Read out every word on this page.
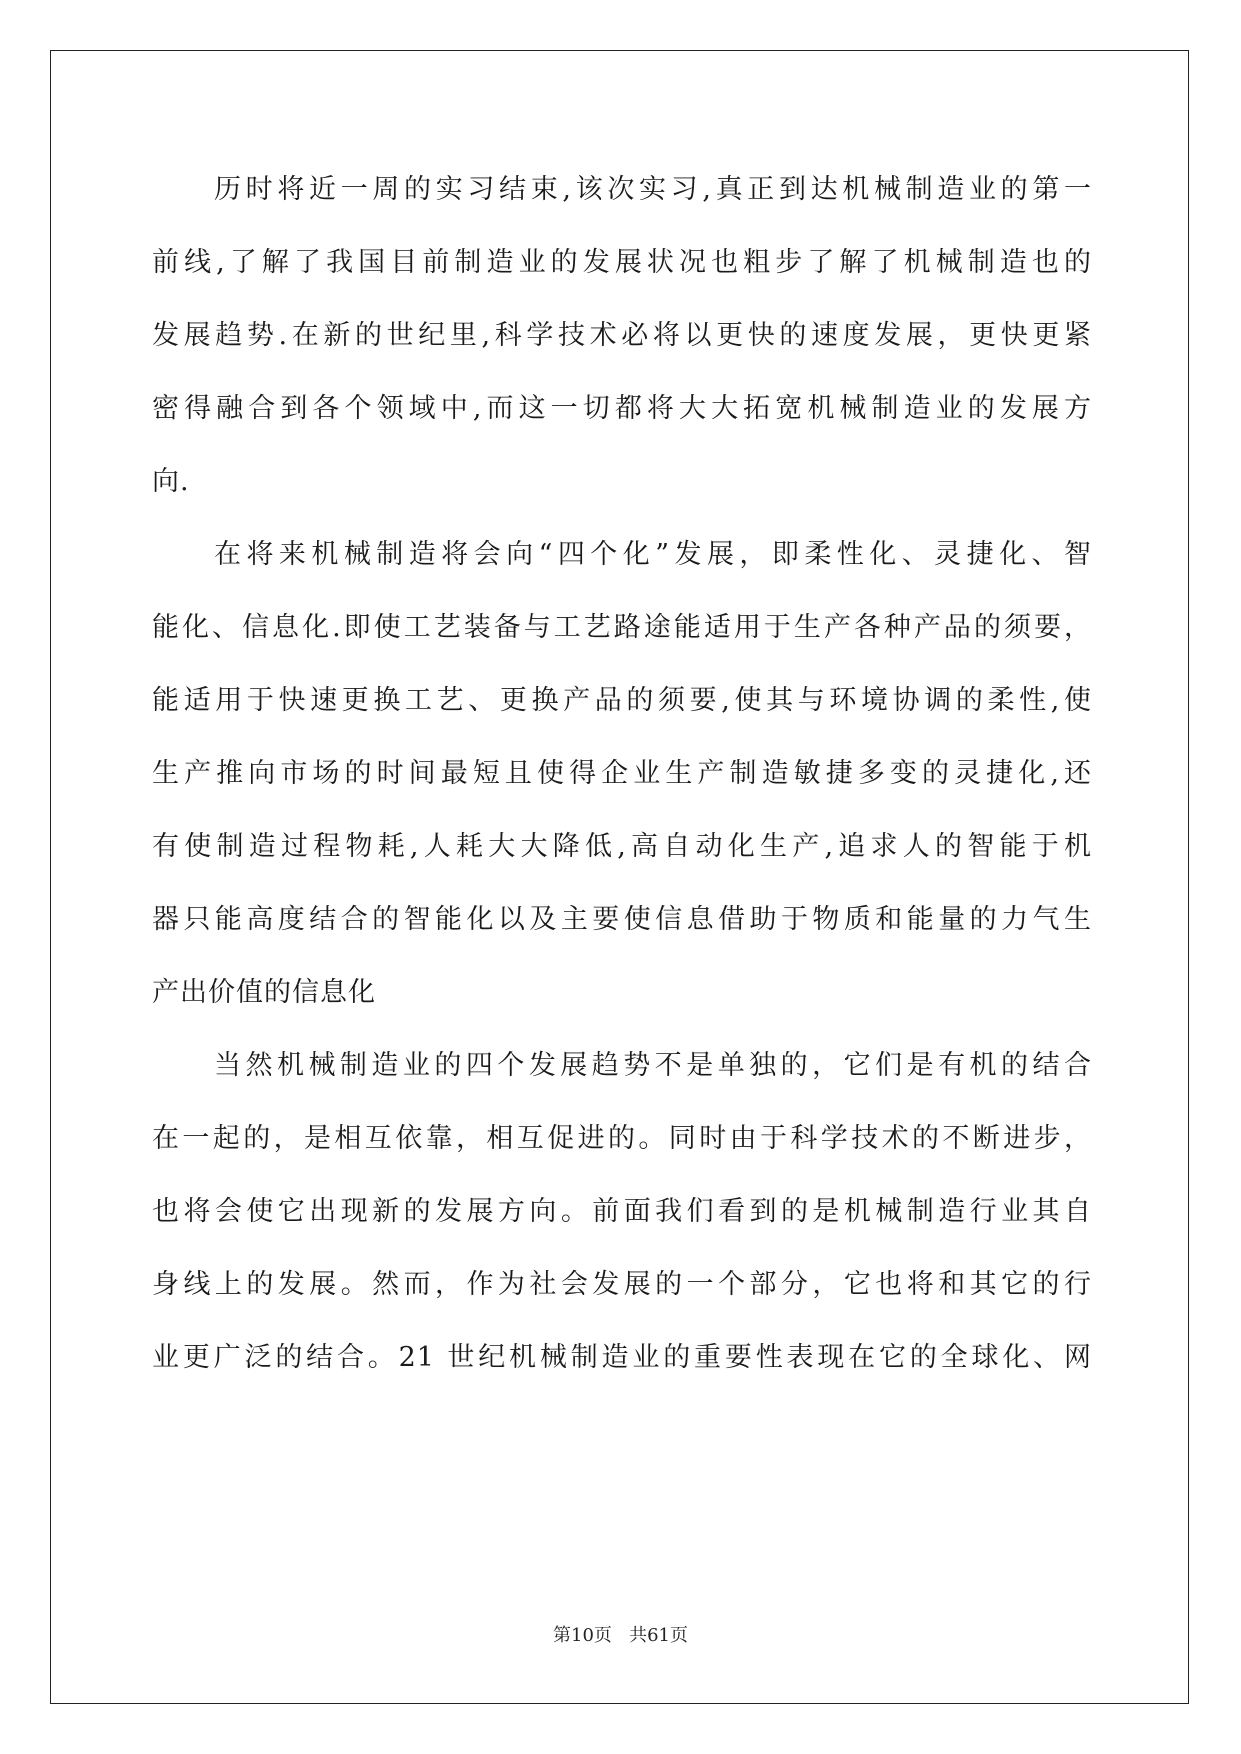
历时将近一周的实习结束,该次实习,真正到达机械制造业的第一
前线,了解了我国目前制造业的发展状况也粗步了解了机械制造也的
发展趋势.在新的世纪里,科学技术必将以更快的速度发展，更快更紧
密得融合到各个领域中,而这一切都将大大拓宽机械制造业的发展方
向.
在将来机械制造将会向“四个化”发展，即柔性化、灵捷化、智
能化、信息化.即使工艺装备与工艺路途能适用于生产各种产品的须要，
能适用于快速更换工艺、更换产品的须要,使其与环境协调的柔性,使
生产推向市场的时间最短且使得企业生产制造敏捷多变的灵捷化,还
有使制造过程物耗,人耗大大降低,高自动化生产,追求人的智能于机
器只能高度结合的智能化以及主要使信息借助于物质和能量的力气生
产出价值的信息化
当然机械制造业的四个发展趋势不是单独的，它们是有机的结合
在一起的，是相互依靠，相互促进的。同时由于科学技术的不断进步，
也将会使它出现新的发展方向。前面我们看到的是机械制造行业其自
身线上的发展。然而，作为社会发展的一个部分，它也将和其它的行
业更广泛的结合。21 世纪机械制造业的重要性表现在它的全球化、网
第10页 共61页
